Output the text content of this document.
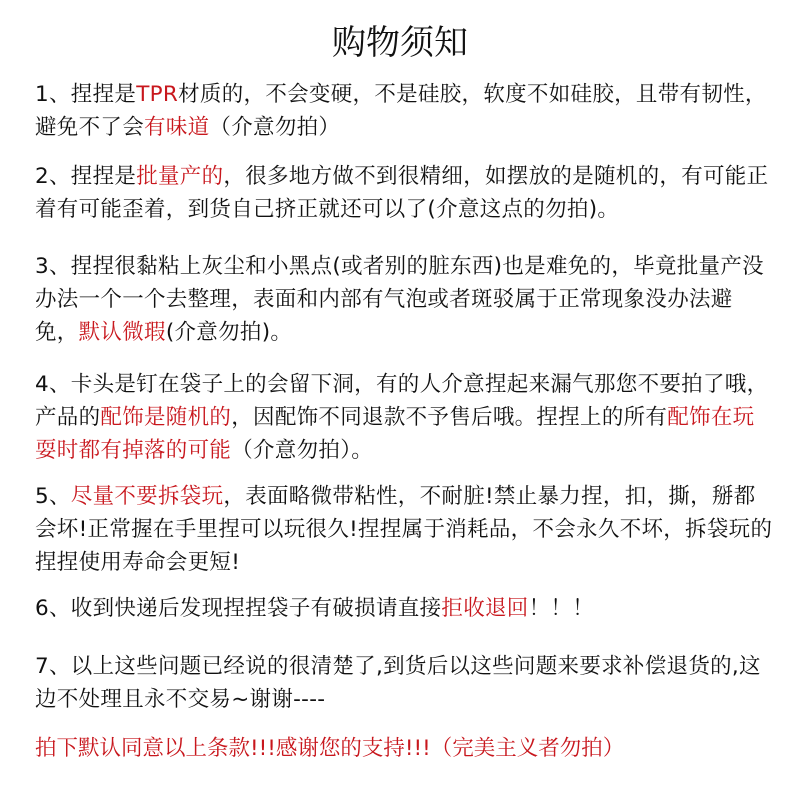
购物须知
1、捏捏是TPR材质的，不会变硬，不是硅胶，软度不如硅胶，且带有韧性，避免不了会有味道（介意勿拍）
2、捏捏是批量产的，很多地方做不到很精细，如摆放的是随机的，有可能正着有可能歪着，到货自己挤正就还可以了(介意这点的勿拍)。
3、捏捏很黏粘上灰尘和小黑点(或者别的脏东西)也是难免的，毕竟批量产没办法一个一个去整理，表面和内部有气泡或者斑驳属于正常现象没办法避免，默认微瑕(介意勿拍)。
4、卡头是钉在袋子上的会留下洞，有的人介意捏起来漏气那您不要拍了哦，产品的配饰是随机的，因配饰不同退款不予售后哦。捏捏上的所有配饰在玩耍时都有掉落的可能（介意勿拍）。
5、尽量不要拆袋玩，表面略微带粘性，不耐脏!禁止暴力捏，扣，撕，掰都会坏!正常握在手里捏可以玩很久!捏捏属于消耗品，不会永久不坏，拆袋玩的捏捏使用寿命会更短!
6、收到快递后发现捏捏袋子有破损请直接拒收退回！！！
7、以上这些问题已经说的很清楚了,到货后以这些问题来要求补偿退货的,这边不处理且永不交易~谢谢----
拍下默认同意以上条款!!!感谢您的支持!!!（完美主义者勿拍）
